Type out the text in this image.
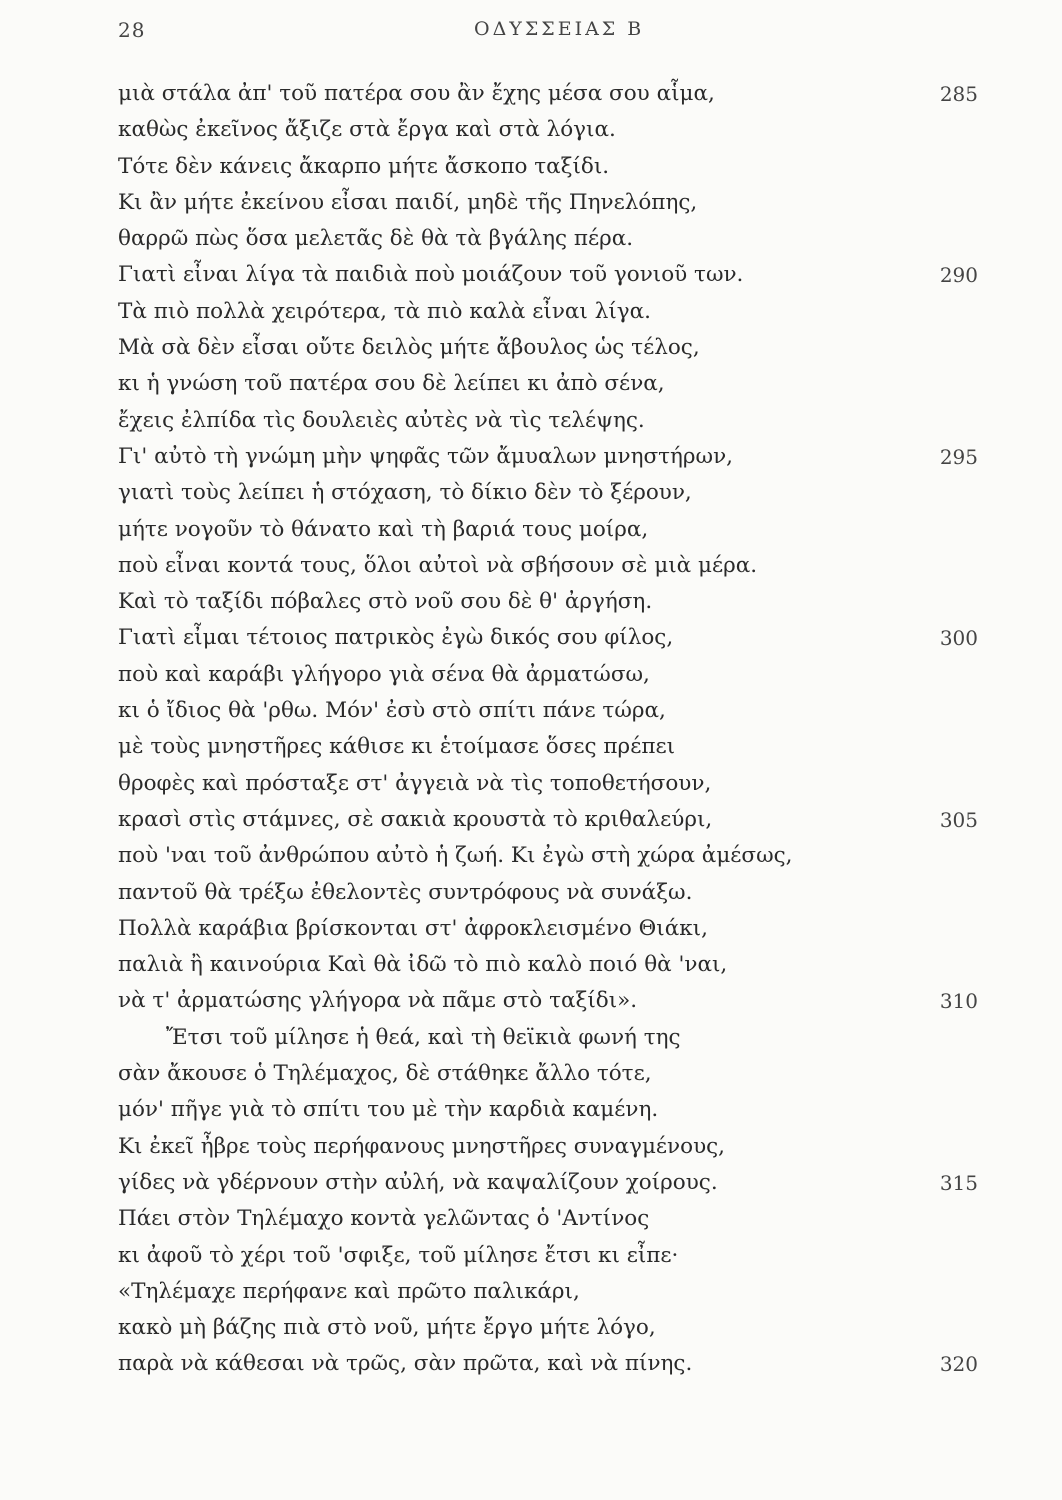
28	ΟΔΥΣΣΕΙΑΣ Β
μιὰ στάλα ἀπ' τοῦ πατέρα σου ἂν ἔχης μέσα σου αἷμα,	285
καθὼς ἐκεῖνος ἄξιζε στὰ ἔργα καὶ στὰ λόγια.
Τότε δὲν κάνεις ἄκαρπο μήτε ἄσκοπο ταξίδι.
Κι ἂν μήτε ἐκείνου εἶσαι παιδί, μηδὲ τῆς Πηνελόπης,
θαρρῶ πὼς ὅσα μελετᾶς δὲ θὰ τὰ βγάλης πέρα.
Γιατὶ εἶναι λίγα τὰ παιδιὰ ποὺ μοιάζουν τοῦ γονιοῦ των.	290
Τὰ πιὸ πολλὰ χειρότερα, τὰ πιὸ καλὰ εἶναι λίγα.
Μὰ σὰ δὲν εἶσαι οὔτε δειλὸς μήτε ἄβουλος ὡς τέλος,
κι ἡ γνώση τοῦ πατέρα σου δὲ λείπει κι ἀπὸ σένα,
ἔχεις ἐλπίδα τὶς δουλειὲς αὐτὲς νὰ τὶς τελέψης.
Γι' αὐτὸ τὴ γνώμη μὴν ψηφᾶς τῶν ἄμυαλων μνηστήρων,	295
γιατὶ τοὺς λείπει ἡ στόχαση, τὸ δίκιο δὲν τὸ ξέρουν,
μήτε νογοῦν τὸ θάνατο καὶ τὴ βαριά τους μοίρα,
ποὺ εἶναι κοντά τους, ὅλοι αὐτοὶ νὰ σβήσουν σὲ μιὰ μέρα.
Καὶ τὸ ταξίδι πόβαλες στὸ νοῦ σου δὲ θ' ἀργήση.
Γιατὶ εἶμαι τέτοιος πατρικὸς ἐγὼ δικός σου φίλος,	300
ποὺ καὶ καράβι γλήγορο γιὰ σένα θὰ ἀρματώσω,
κι ὁ ἴδιος θὰ 'ρθω. Μόν' ἐσὺ στὸ σπίτι πάνε τώρα,
μὲ τοὺς μνηστῆρες κάθισε κι ἑτοίμασε ὅσες πρέπει
θροφὲς καὶ πρόσταξε στ' ἀγγειὰ νὰ τὶς τοποθετήσουν,
κρασὶ στὶς στάμνες, σὲ σακιὰ κρουστὰ τὸ κριθαλεύρι,	305
ποὺ 'ναι τοῦ ἀνθρώπου αὐτὸ ἡ ζωή. Κι ἐγὼ στὴ χώρα ἀμέσως,
παντοῦ θὰ τρέξω ἐθελοντὲς συντρόφους νὰ συνάξω.
Πολλὰ καράβια βρίσκονται στ' ἀφροκλεισμένο Θιάκι,
παλιὰ ἢ καινούρια Καὶ θὰ ἰδῶ τὸ πιὸ καλὸ ποιό θὰ 'ναι,
νὰ τ' ἀρματώσης γλήγορα νὰ πᾶμε στὸ ταξίδι».	310
Ἔτσι τοῦ μίλησε ἡ θεά, καὶ τὴ θεϊκιὰ φωνή της
σὰν ἄκουσε ὁ Τηλέμαχος, δὲ στάθηκε ἄλλο τότε,
μόν' πῆγε γιὰ τὸ σπίτι του μὲ τὴν καρδιὰ καμένη.
Κι ἐκεῖ ἦβρε τοὺς περήφανους μνηστῆρες συναγμένους,
γίδες νὰ γδέρνουν στὴν αὐλή, νὰ καψαλίζουν χοίρους.	315
Πάει στὸν Τηλέμαχο κοντὰ γελῶντας ὁ 'Αντίνος
κι ἀφοῦ τὸ χέρι τοῦ 'σφιξε, τοῦ μίλησε ἔτσι κι εἶπε·
«Τηλέμαχε περήφανε καὶ πρῶτο παλικάρι,
κακὸ μὴ βάζης πιὰ στὸ νοῦ, μήτε ἔργο μήτε λόγο,
παρὰ νὰ κάθεσαι νὰ τρῶς, σὰν πρῶτα, καὶ νὰ πίνης.	320
